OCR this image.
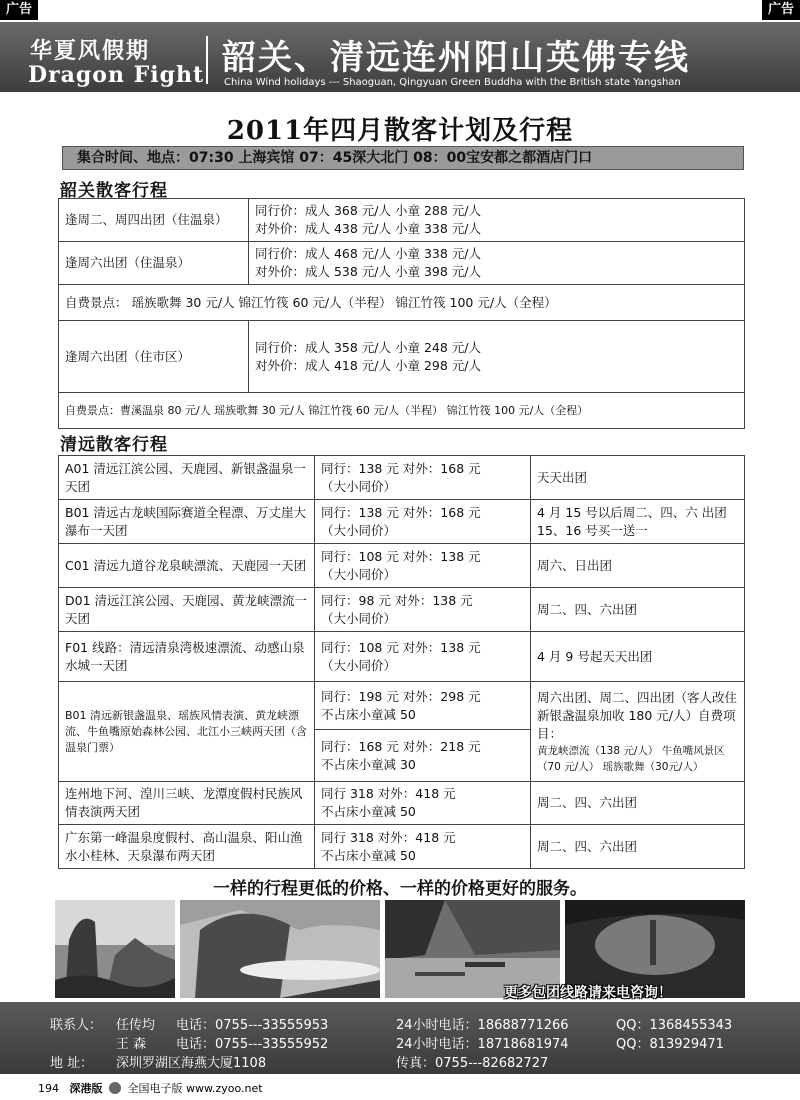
广告	广告
华夏风假期
Dragon Fight 韶关、清远连州阳山英佛专线
China Wind holidays --- Shaoguan, Qingyuan Green Buddha with the British state Yangshan
2011年四月散客计划及行程
集合时间、地点：07:30 上海宾馆 07：45深大北门 08：00宝安都之都酒店门口
韶关散客行程
逢周二、周四出团（住温泉）	同行价：成人 368 元/人 小童 288 元/人
对外价：成人 438 元/人 小童 338 元/人

逢周六出团（住温泉）	同行价：成人 468 元/人 小童 338 元/人
对外价：成人 538 元/人 小童 398 元/人

自费景点： 瑶族歌舞 30 元/人 锦江竹筏 60 元/人（半程） 锦江竹筏 100 元/人（全程）	

逢周六出团（住市区）	同行价：成人 358 元/人 小童 248 元/人
对外价：成人 418 元/人 小童 298 元/人

自费景点：曹溪温泉 80 元/人 瑶族歌舞 30 元/人 锦江竹筏 60 元/人（半程） 锦江竹筏 100 元/人（全程）	
清远散客行程
A01 清远江滨公园、天鹿园、新银盏温泉一天团	同行：138 元 对外：168 元
（大小同价）	天天出团

B01 清远古龙峡国际赛道全程漂、万丈崖大瀑布一天团	同行：138 元 对外：168 元
（大小同价）	4 月 15 号以后周二、四、六 出团 15、16 号买一送一

C01 清远九道谷龙泉峡漂流、天鹿园一天团	同行：108 元 对外：138 元
（大小同价）	周六、日出团

D01 清远江滨公园、天鹿园、黄龙峡漂流一天团	同行：98 元 对外：138 元
（大小同价）	周二、四、六出团

F01 线路：清远清泉湾极速漂流、动感山泉水城一天团	同行：108 元 对外：138 元
（大小同价）	4 月 9 号起天天出团

B01 清远新银盏温泉、瑶族风情表演、黄龙峡漂流、牛鱼嘴原始森林公园、北江小三峡两天团（含温泉门票）	同行：198 元 对外：298 元
不占床小童减 50	周六出团、周二、四出团（客人改住新银盏温泉加收 180 元/人）自费项目：
黄龙峡漂流（138 元/人） 牛鱼嘴风景区（70 元/人） 瑶族歌舞（30元/人）

	同行：168 元 对外：218 元
不占床小童减 30	

连州地下河、湟川三峡、龙潭度假村民族风情表演两天团	同行 318 对外：418 元
不占床小童减 50	周二、四、六出团

广东第一峰温泉度假村、高山温泉、阳山渔水小桂林、天泉瀑布两天团	同行 318 对外：418 元
不占床小童减 50	周二、四、六出团
一样的行程更低的价格、一样的价格更好的服务。
更多包团线路请来电咨询！
联系人： 任传均 电话：0755---33555953	24小时电话：18688771266	QQ：1368455343
王 森 电话：0755---33555952	24小时电话：18718681974	QQ：813929471
地 址： 深圳罗湖区海燕大厦1108	传真：0755---82682727
194 深港版 全国电子版 www.zyoo.net
